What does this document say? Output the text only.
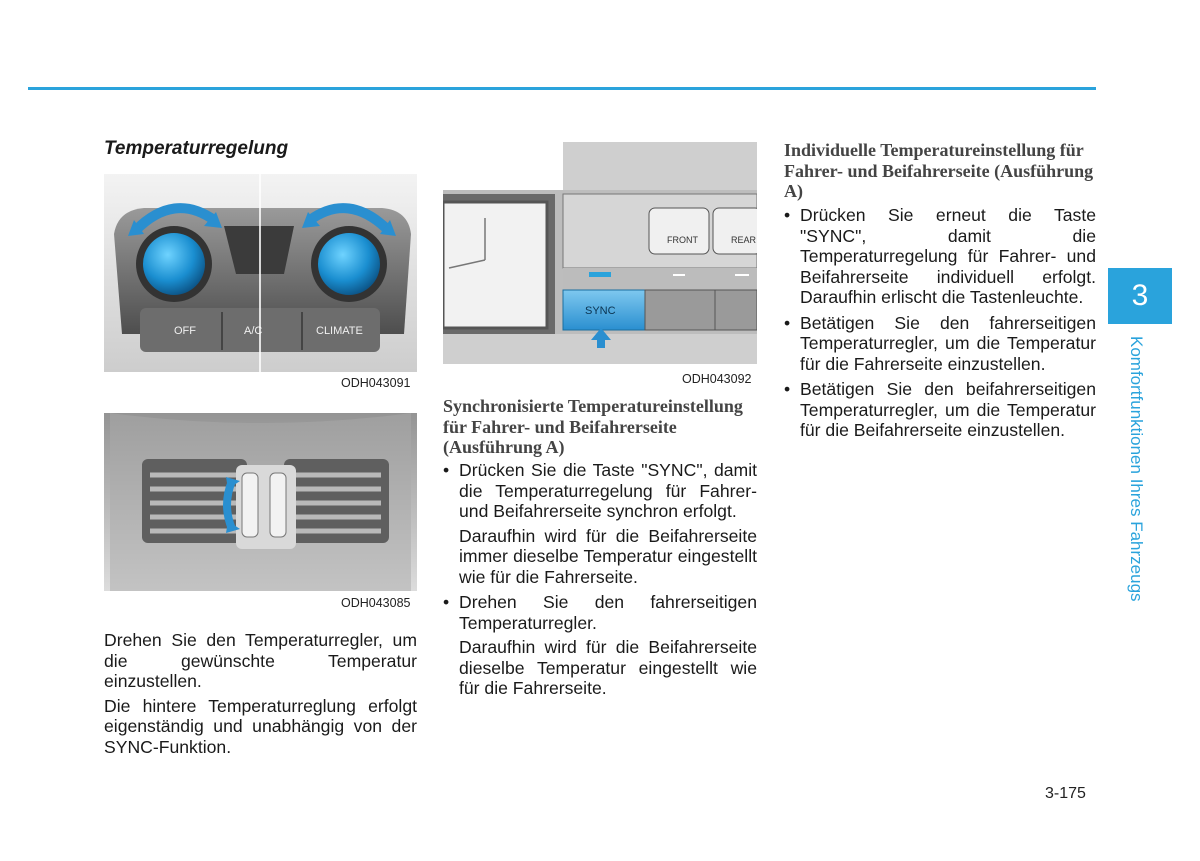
Temperaturregelung
OFF	A/C	CLIMATE
ODH043091
ODH043085

Drehen Sie den Temperaturregler, um die gewünschte Temperatur einzustellen.

Die hintere Temperaturreglung erfolgt eigenständig und unabhängig von der SYNC-Funktion.

FRONT	REAR
SYNC
ODH043092
Synchronisierte Temperatureinstellung für Fahrer- und Beifahrerseite (Ausführung A)
• Drücken Sie die Taste "SYNC", damit die Temperaturregelung für Fahrer- und Beifahrerseite synchron erfolgt.
Daraufhin wird für die Beifahrerseite immer dieselbe Temperatur eingestellt wie für die Fahrerseite.
• Drehen Sie den fahrerseitigen Temperaturregler.
Daraufhin wird für die Beifahrerseite dieselbe Temperatur eingestellt wie für die Fahrerseite.
Individuelle Temperatureinstellung für Fahrer- und Beifahrerseite (Ausführung A)
• Drücken Sie erneut die Taste "SYNC", damit die Temperaturregelung für Fahrer- und Beifahrerseite individuell erfolgt. Daraufhin erlischt die Tastenleuchte.
• Betätigen Sie den fahrerseitigen Temperaturregler, um die Temperatur für die Fahrerseite einzustellen.
• Betätigen Sie den beifahrerseitigen Temperaturregler, um die Temperatur für die Beifahrerseite einzustellen.
3
Komfortfunktionen Ihres Fahrzeugs
3-175
